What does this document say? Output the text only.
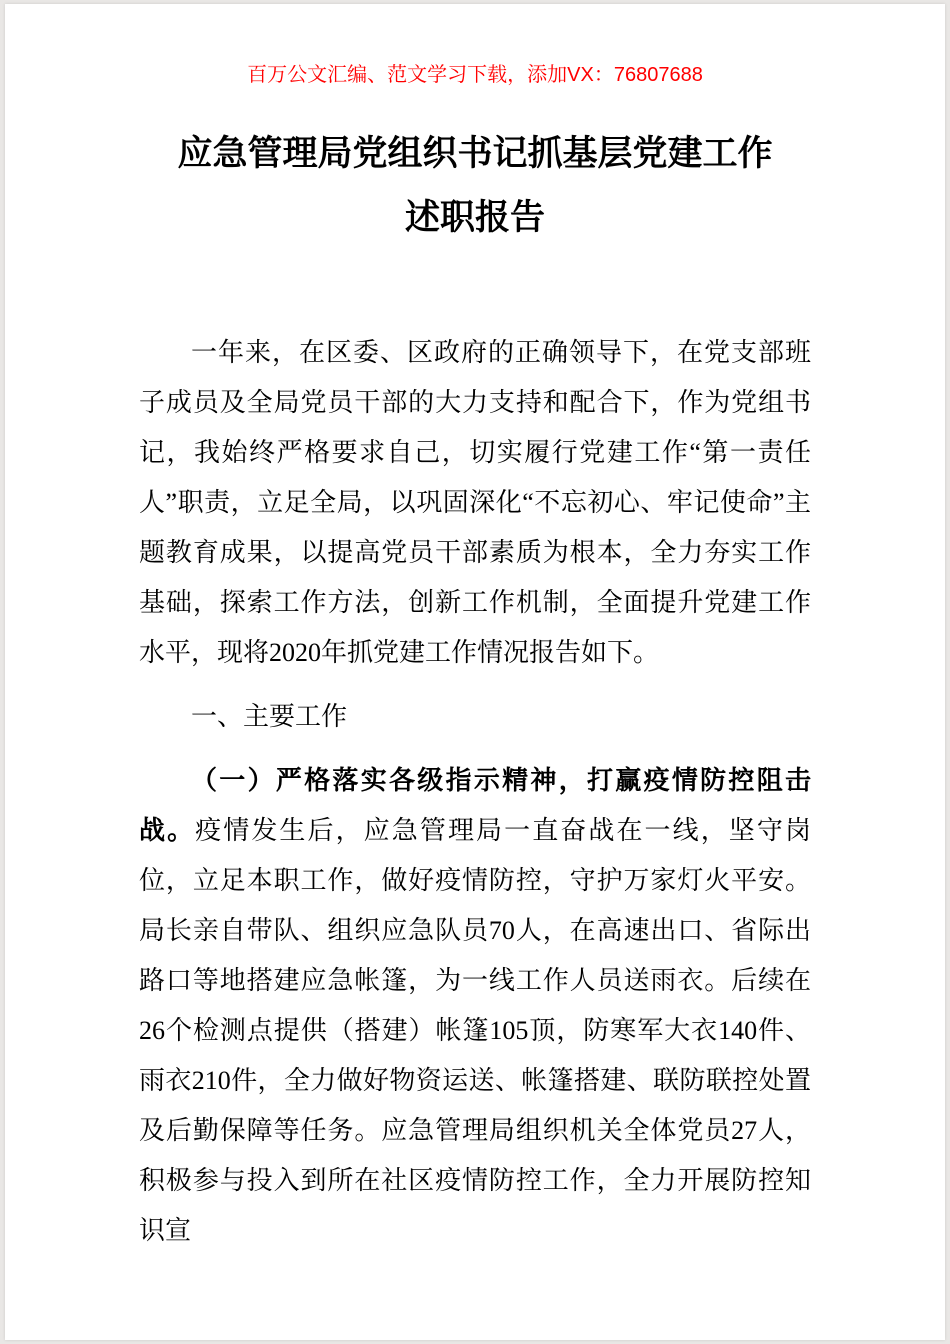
百万公文汇编、范文学习下载，添加VX：76807688
应急管理局党组织书记抓基层党建工作
述职报告

一年来，在区委、区政府的正确领导下，在党支部班子成员及全局党员干部的大力支持和配合下，作为党组书记，我始终严格要求自己，切实履行党建工作“第一责任人”职责，立足全局，以巩固深化“不忘初心、牢记使命”主题教育成果，以提高党员干部素质为根本，全力夯实工作基础，探索工作方法，创新工作机制，全面提升党建工作水平，现将2020年抓党建工作情况报告如下。

一、主要工作

（一）严格落实各级指示精神，打赢疫情防控阻击战。疫情发生后，应急管理局一直奋战在一线，坚守岗位，立足本职工作，做好疫情防控，守护万家灯火平安。局长亲自带队、组织应急队员70人，在高速出口、省际出路口等地搭建应急帐篷，为一线工作人员送雨衣。后续在26个检测点提供（搭建）帐篷105顶，防寒军大衣140件、雨衣210件，全力做好物资运送、帐篷搭建、联防联控处置及后勤保障等任务。应急管理局组织机关全体党员27人，积极参与投入到所在社区疫情防控工作，全力开展防控知识宣
